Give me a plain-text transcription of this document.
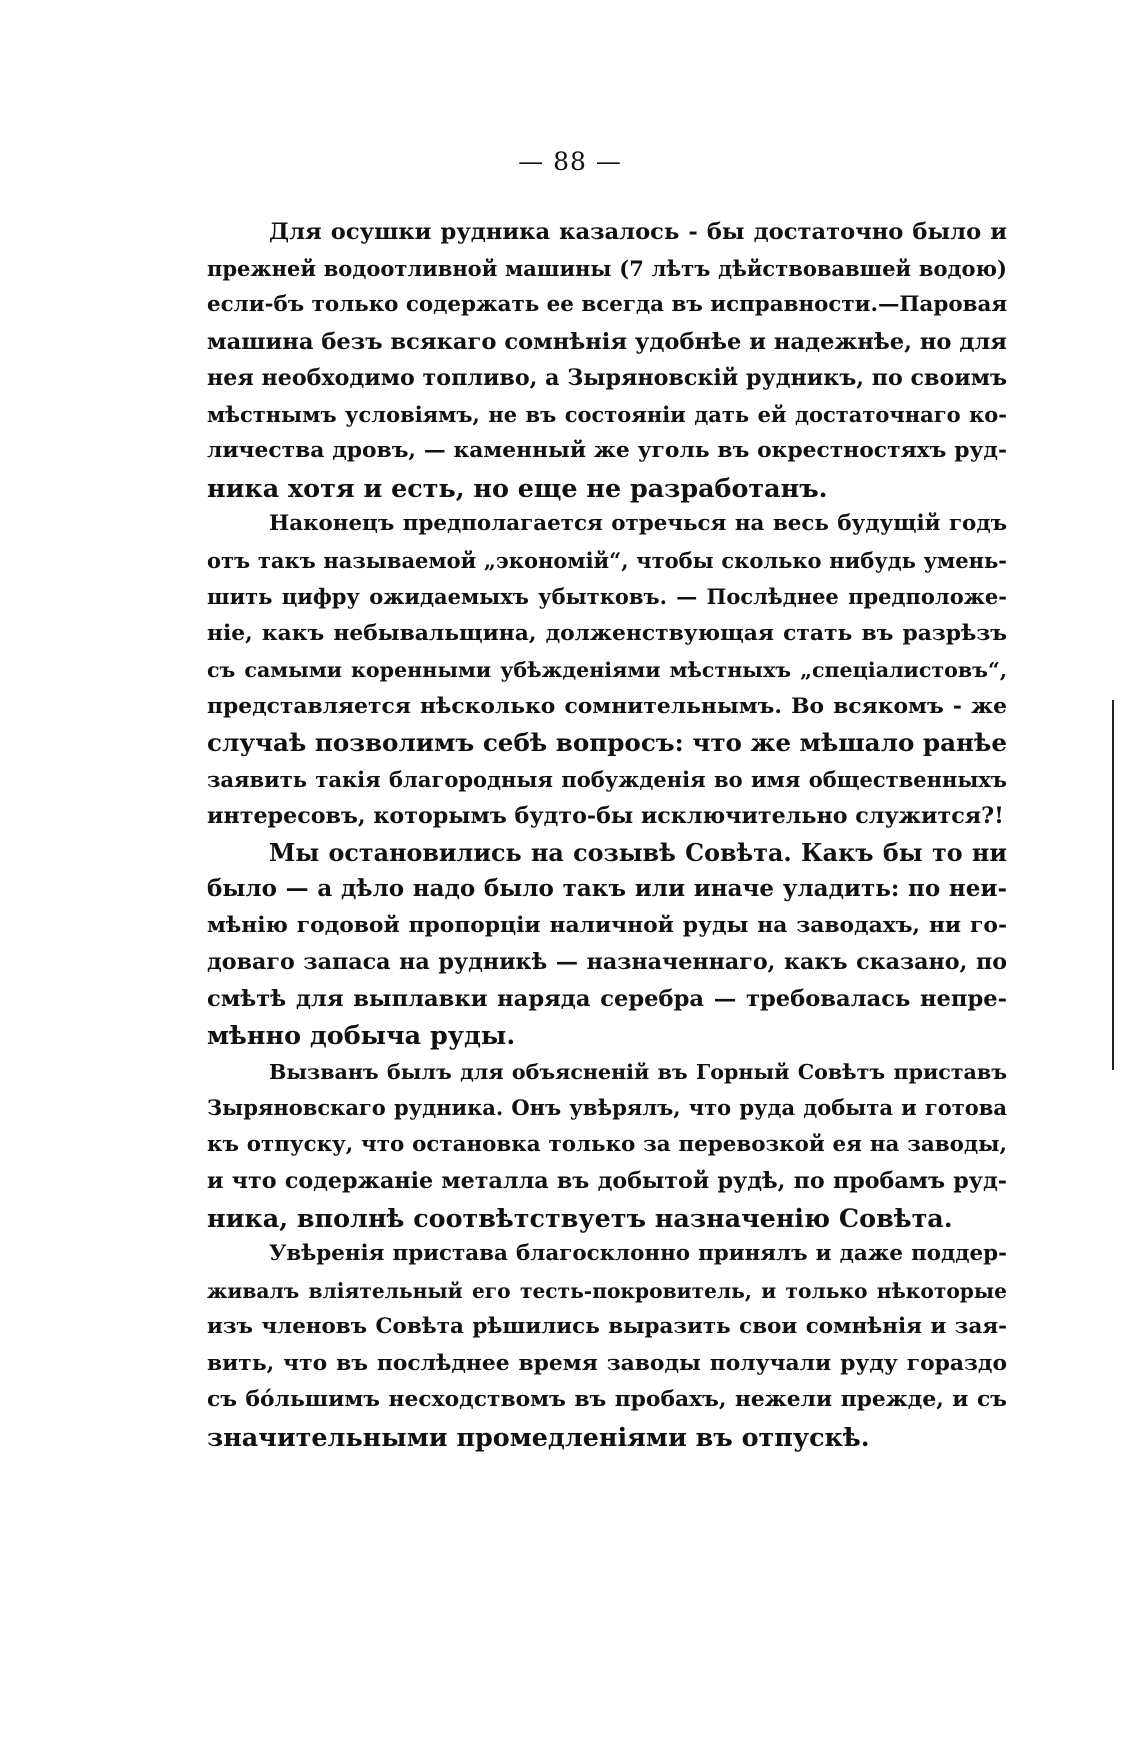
— 88 —
Для осушки рудника казалось - бы достаточно было и
прежней водоотливной машины (7 лѣтъ дѣйствовавшей водою)
если-бъ только содержать ее всегда въ исправности.—Паровая
машина безъ всякаго сомнѣнія удобнѣе и надежнѣе, но для
нея необходимо топливо, а Зыряновскій рудникъ, по своимъ
мѣстнымъ условіямъ, не въ состояніи дать ей достаточнаго ко-
личества дровъ, — каменный же уголь въ окрестностяхъ руд-
ника хотя и есть, но еще не разработанъ.
Наконецъ предполагается отречься на весь будущій годъ
отъ такъ называемой „экономій“, чтобы сколько нибудь умень-
шить цифру ожидаемыхъ убытковъ. — Послѣднее предположе-
ніе, какъ небывальщина, долженствующая стать въ разрѣзъ
съ самыми коренными убѣжденіями мѣстныхъ „спеціалистовъ“,
представляется нѣсколько сомнительнымъ. Во всякомъ - же
случаѣ позволимъ себѣ вопросъ: что же мѣшало ранѣе
заявить такія благородныя побужденія во имя общественныхъ
интересовъ, которымъ будто-бы исключительно служится?!
Мы остановились на созывѣ Совѣта. Какъ бы то ни
было — а дѣло надо было такъ или иначе уладить: по неи-
мѣнію годовой пропорціи наличной руды на заводахъ, ни го-
доваго запаса на рудникѣ — назначеннаго, какъ сказано, по
смѣтѣ для выплавки наряда серебра — требовалась непре-
мѣнно добыча руды.
Вызванъ былъ для объясненій въ Горный Совѣтъ приставъ
Зыряновскаго рудника. Онъ увѣрялъ, что руда добыта и готова
къ отпуску, что остановка только за перевозкой ея на заводы,
и что содержаніе металла въ добытой рудѣ, по пробамъ руд-
ника, вполнѣ соотвѣтствуетъ назначенію Совѣта.
Увѣренія пристава благосклонно принялъ и даже поддер-
живалъ вліятельный его тесть-покровитель, и только нѣкоторые
изъ членовъ Совѣта рѣшились выразить свои сомнѣнія и зая-
вить, что въ послѣднее время заводы получали руду гораздо
съ бóльшимъ несходствомъ въ пробахъ, нежели прежде, и съ
значительными промедленіями въ отпускѣ.
